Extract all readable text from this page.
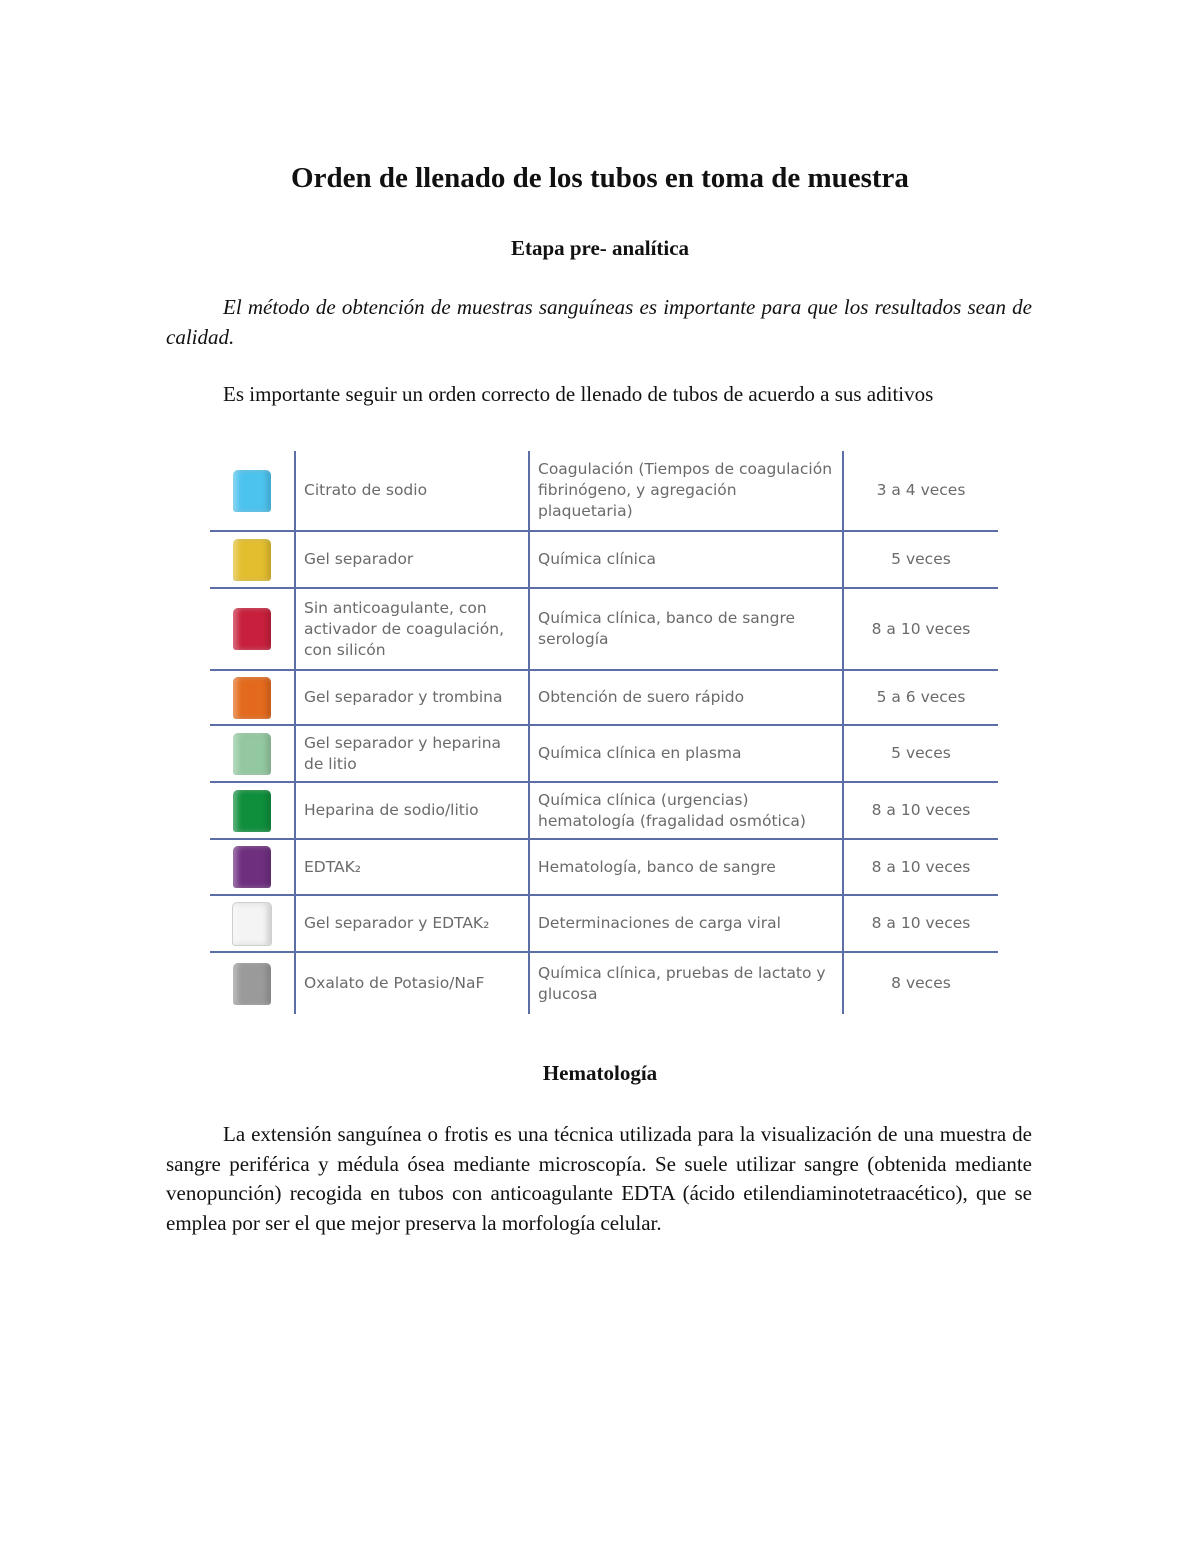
Orden de llenado de los tubos en toma de muestra
Etapa pre- analítica

El método de obtención de muestras sanguíneas es importante para que los resultados sean de calidad.

Es importante seguir un orden correcto de llenado de tubos de acuerdo a sus aditivos

	Citrato de sodio	Coagulación (Tiempos de coagulación fibrinógeno, y agregación plaquetaria)	3 a 4 veces
	Gel separador	Química clínica	5 veces
	Sin anticoagulante, con activador de coagulación, con silicón	Química clínica, banco de sangre serología	8 a 10 veces
	Gel separador y trombina	Obtención de suero rápido	5 a 6 veces
	Gel separador y heparina de litio	Química clínica en plasma	5 veces
	Heparina de sodio/litio	Química clínica (urgencias) hematología (fragalidad osmótica)	8 a 10 veces
	EDTAK₂	Hematología, banco de sangre	8 a 10 veces
	Gel separador y EDTAK₂	Determinaciones de carga viral	8 a 10 veces
	Oxalato de Potasio/NaF	Química clínica, pruebas de lactato y glucosa	8 veces
Hematología

La extensión sanguínea o frotis es una técnica utilizada para la visualización de una muestra de sangre periférica y médula ósea mediante microscopía. Se suele utilizar sangre (obtenida mediante venopunción) recogida en tubos con anticoagulante EDTA (ácido etilendiaminotetraacético), que se emplea por ser el que mejor preserva la morfología celular.
